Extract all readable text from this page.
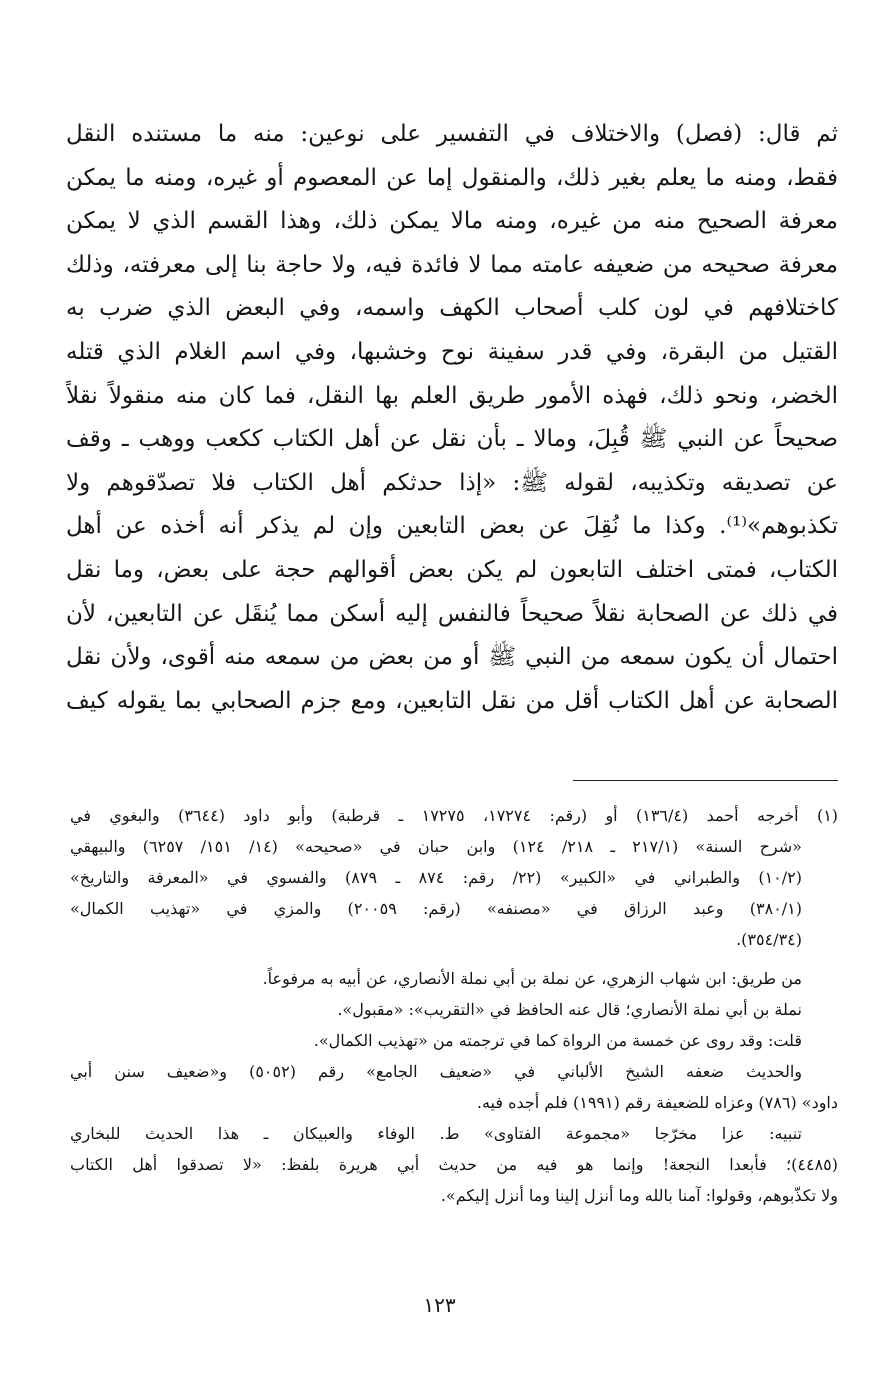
ثم قال: (فصل) والاختلاف في التفسير على نوعين: منه ما مستنده النقل
فقط، ومنه ما يعلم بغير ذلك، والمنقول إما عن المعصوم أو غيره، ومنه ما يمكن
معرفة الصحيح منه من غيره، ومنه مالا يمكن ذلك، وهذا القسم الذي لا يمكن
معرفة صحيحه من ضعيفه عامته مما لا فائدة فيه، ولا حاجة بنا إلى معرفته، وذلك
كاختلافهم في لون كلب أصحاب الكهف واسمه، وفي البعض الذي ضرب به
القتيل من البقرة، وفي قدر سفينة نوح وخشبها، وفي اسم الغلام الذي قتله
الخضر، ونحو ذلك، فهذه الأمور طريق العلم بها النقل، فما كان منه منقولاً نقلاً
صحيحاً عن النبي ﷺ قُبِلَ، ومالا ـ بأن نقل عن أهل الكتاب ككعب ووهب ـ وقف
عن تصديقه وتكذيبه، لقوله ﷺ: «إذا حدثكم أهل الكتاب فلا تصدّقوهم ولا
تكذبوهم»⁽¹⁾. وكذا ما نُقِلَ عن بعض التابعين وإن لم يذكر أنه أخذه عن أهل
الكتاب، فمتى اختلف التابعون لم يكن بعض أقوالهم حجة على بعض، وما نقل
في ذلك عن الصحابة نقلاً صحيحاً فالنفس إليه أسكن مما يُنقَل عن التابعين، لأن
احتمال أن يكون سمعه من النبي ﷺ أو من بعض من سمعه منه أقوى، ولأن نقل
الصحابة عن أهل الكتاب أقل من نقل التابعين، ومع جزم الصحابي بما يقوله كيف
(١) أخرجه أحمد (١٣٦/٤) أو (رقم: ١٧٢٧٤، ١٧٢٧٥ ـ قرطبة) وأبو داود (٣٦٤٤) والبغوي في
«شرح السنة» (٢١٧/١ ـ ٢١٨/ ١٢٤) وابن حبان في «صحيحه» (١٤/ ١٥١/ ٦٢٥٧) والبيهقي
(١٠/٢) والطبراني في «الكبير» (٢٢/ رقم: ٨٧٤ ـ ٨٧٩) والفسوي في «المعرفة والتاريخ»
(٣٨٠/١) وعبد الرزاق في «مصنفه» (رقم: ٢٠٠٥٩) والمزي في «تهذيب الكمال»
(٣٥٤/٣٤).
من طريق: ابن شهاب الزهري، عن نملة بن أبي نملة الأنصاري، عن أبيه به مرفوعاً.
نملة بن أبي نملة الأنصاري؛ قال عنه الحافظ في «التقريب»: «مقبول».
قلت: وقد روى عن خمسة من الرواة كما في ترجمته من «تهذيب الكمال».
والحديث ضعفه الشيخ الألباني في «ضعيف الجامع» رقم (٥٠٥٢) و«ضعيف سنن أبي
داود» (٧٨٦) وعزاه للضعيفة رقم (١٩٩١) فلم أجده فيه.
تنبيه: عزا مخرّجا «مجموعة الفتاوى» ط. الوفاء والعبيكان ـ هذا الحديث للبخاري
(٤٤٨٥)؛ فأبعدا النجعة! وإنما هو فيه من حديث أبي هريرة بلفظ: «لا تصدقوا أهل الكتاب
ولا تكذّبوهم، وقولوا: آمنا بالله وما أنزل إلينا وما أنزل إليكم».
١٢٣
